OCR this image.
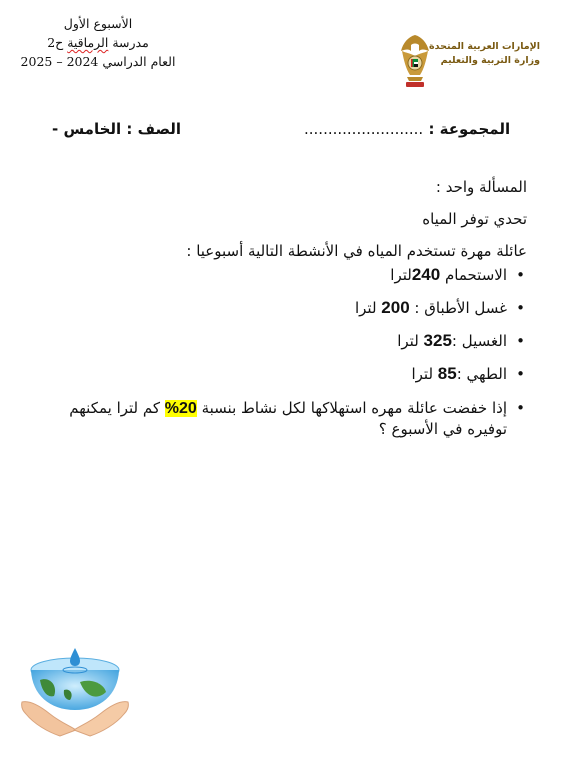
الأسبوع الأول
مدرسة الرماقية ح2
العام الدراسي 2024 – 2025
الإمارات العربية المتحدة
وزارة التربية والتعليم
الصف : الخامس -	المجموعة : .........................
المسألة واحد :
تحدي توفر المياه
عائلة مهرة تستخدم المياه في الأنشطة التالية أسبوعيا :
• الاستحمام 240لترا
• غسل الأطباق : 200 لترا
• الغسيل :325 لترا
• الطهي :85 لترا
• إذا خفضت عائلة مهره استهلاكها لكل نشاط بنسبة 20% كم لترا يمكنهم توفيره في الأسبوع ؟
